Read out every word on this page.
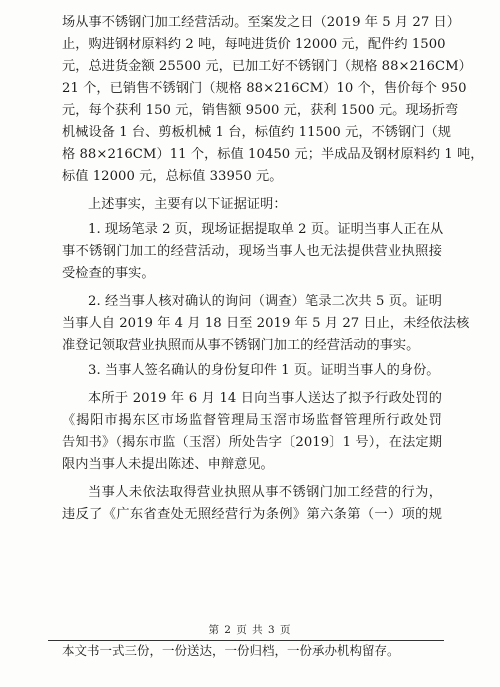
场从事不锈钢门加工经营活动。至案发之日（2019 年 5 月 27 日）
止，购进钢材原料约 2 吨，每吨进货价 12000 元，配件约 1500
元，总进货金额 25500 元，已加工好不锈钢门（规格 88×216CM）
21 个，已销售不锈钢门（规格 88×216CM）10 个，售价每个 950
元，每个获利 150 元，销售额 9500 元，获利 1500 元。现场折弯
机械设备 1 台、剪板机械 1 台，标值约 11500 元，不锈钢门（规
格 88×216CM）11 个，标值 10450 元；半成品及钢材原料约 1 吨，
标值 12000 元，总标值 33950 元。
上述事实，主要有以下证据证明：
1. 现场笔录 2 页，现场证据提取单 2 页。证明当事人正在从
事不锈钢门加工的经营活动，现场当事人也无法提供营业执照接
受检查的事实。
2. 经当事人核对确认的询问（调查）笔录二次共 5 页。证明
当事人自 2019 年 4 月 18 日至 2019 年 5 月 27 日止，未经依法核
准登记领取营业执照而从事不锈钢门加工的经营活动的事实。
3. 当事人签名确认的身份复印件 1 页。证明当事人的身份。
本所于 2019 年 6 月 14 日向当事人送达了拟予行政处罚的
《揭阳市揭东区市场监督管理局玉滘市场监督管理所行政处罚
告知书》（揭东市监（玉滘）所处告字〔2019〕1 号），在法定期
限内当事人未提出陈述、申辩意见。
当事人未依法取得营业执照从事不锈钢门加工经营的行为，
违反了《广东省查处无照经营行为条例》第六条第（一）项的规
第 2 页 共 3 页
本文书一式三份，一份送达，一份归档，一份承办机构留存。
